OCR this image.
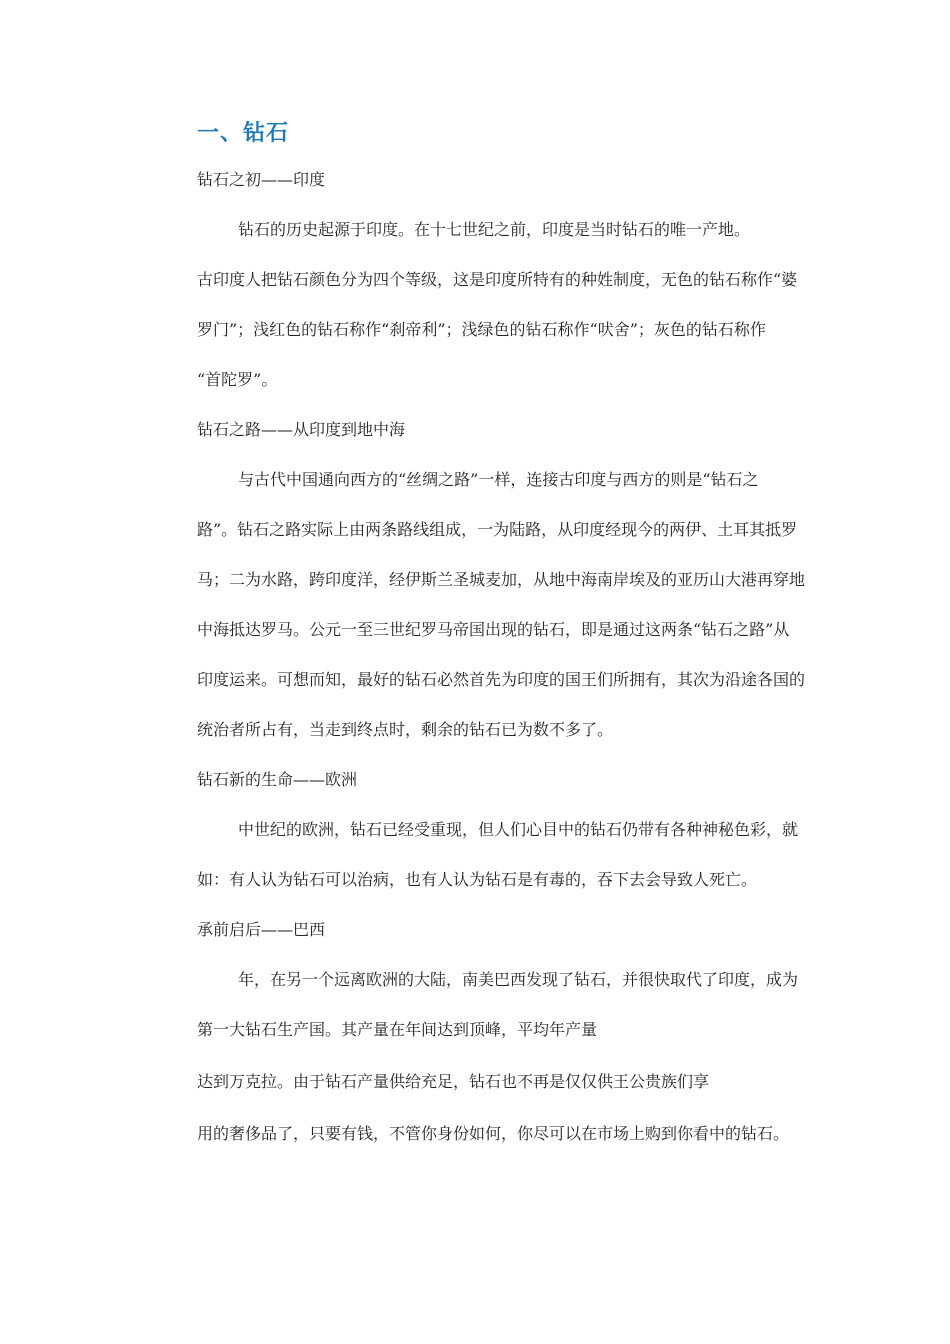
一、钻石

钻石之初——印度

钻石的历史起源于印度。在十七世纪之前，印度是当时钻石的唯一产地。

古印度人把钻石颜色分为四个等级，这是印度所特有的种姓制度，无色的钻石称作“婆

罗门”；浅红色的钻石称作“刹帝利”；浅绿色的钻石称作“吠舍”；灰色的钻石称作

“首陀罗”。

钻石之路——从印度到地中海

与古代中国通向西方的“丝绸之路”一样，连接古印度与西方的则是“钻石之

路”。钻石之路实际上由两条路线组成，一为陆路，从印度经现今的两伊、土耳其抵罗

马；二为水路，跨印度洋，经伊斯兰圣城麦加，从地中海南岸埃及的亚历山大港再穿地

中海抵达罗马。公元一至三世纪罗马帝国出现的钻石，即是通过这两条“钻石之路”从

印度运来。可想而知，最好的钻石必然首先为印度的国王们所拥有，其次为沿途各国的

统治者所占有，当走到终点时，剩余的钻石已为数不多了。

钻石新的生命——欧洲

中世纪的欧洲，钻石已经受重现，但人们心目中的钻石仍带有各种神秘色彩，就

如：有人认为钻石可以治病，也有人认为钻石是有毒的，吞下去会导致人死亡。

承前启后——巴西

年，在另一个远离欧洲的大陆，南美巴西发现了钻石，并很快取代了印度，成为

第一大钻石生产国。其产量在年间达到顶峰，平均年产量

达到万克拉。由于钻石产量供给充足，钻石也不再是仅仅供王公贵族们享

用的奢侈品了，只要有钱，不管你身份如何，你尽可以在市场上购到你看中的钻石。
